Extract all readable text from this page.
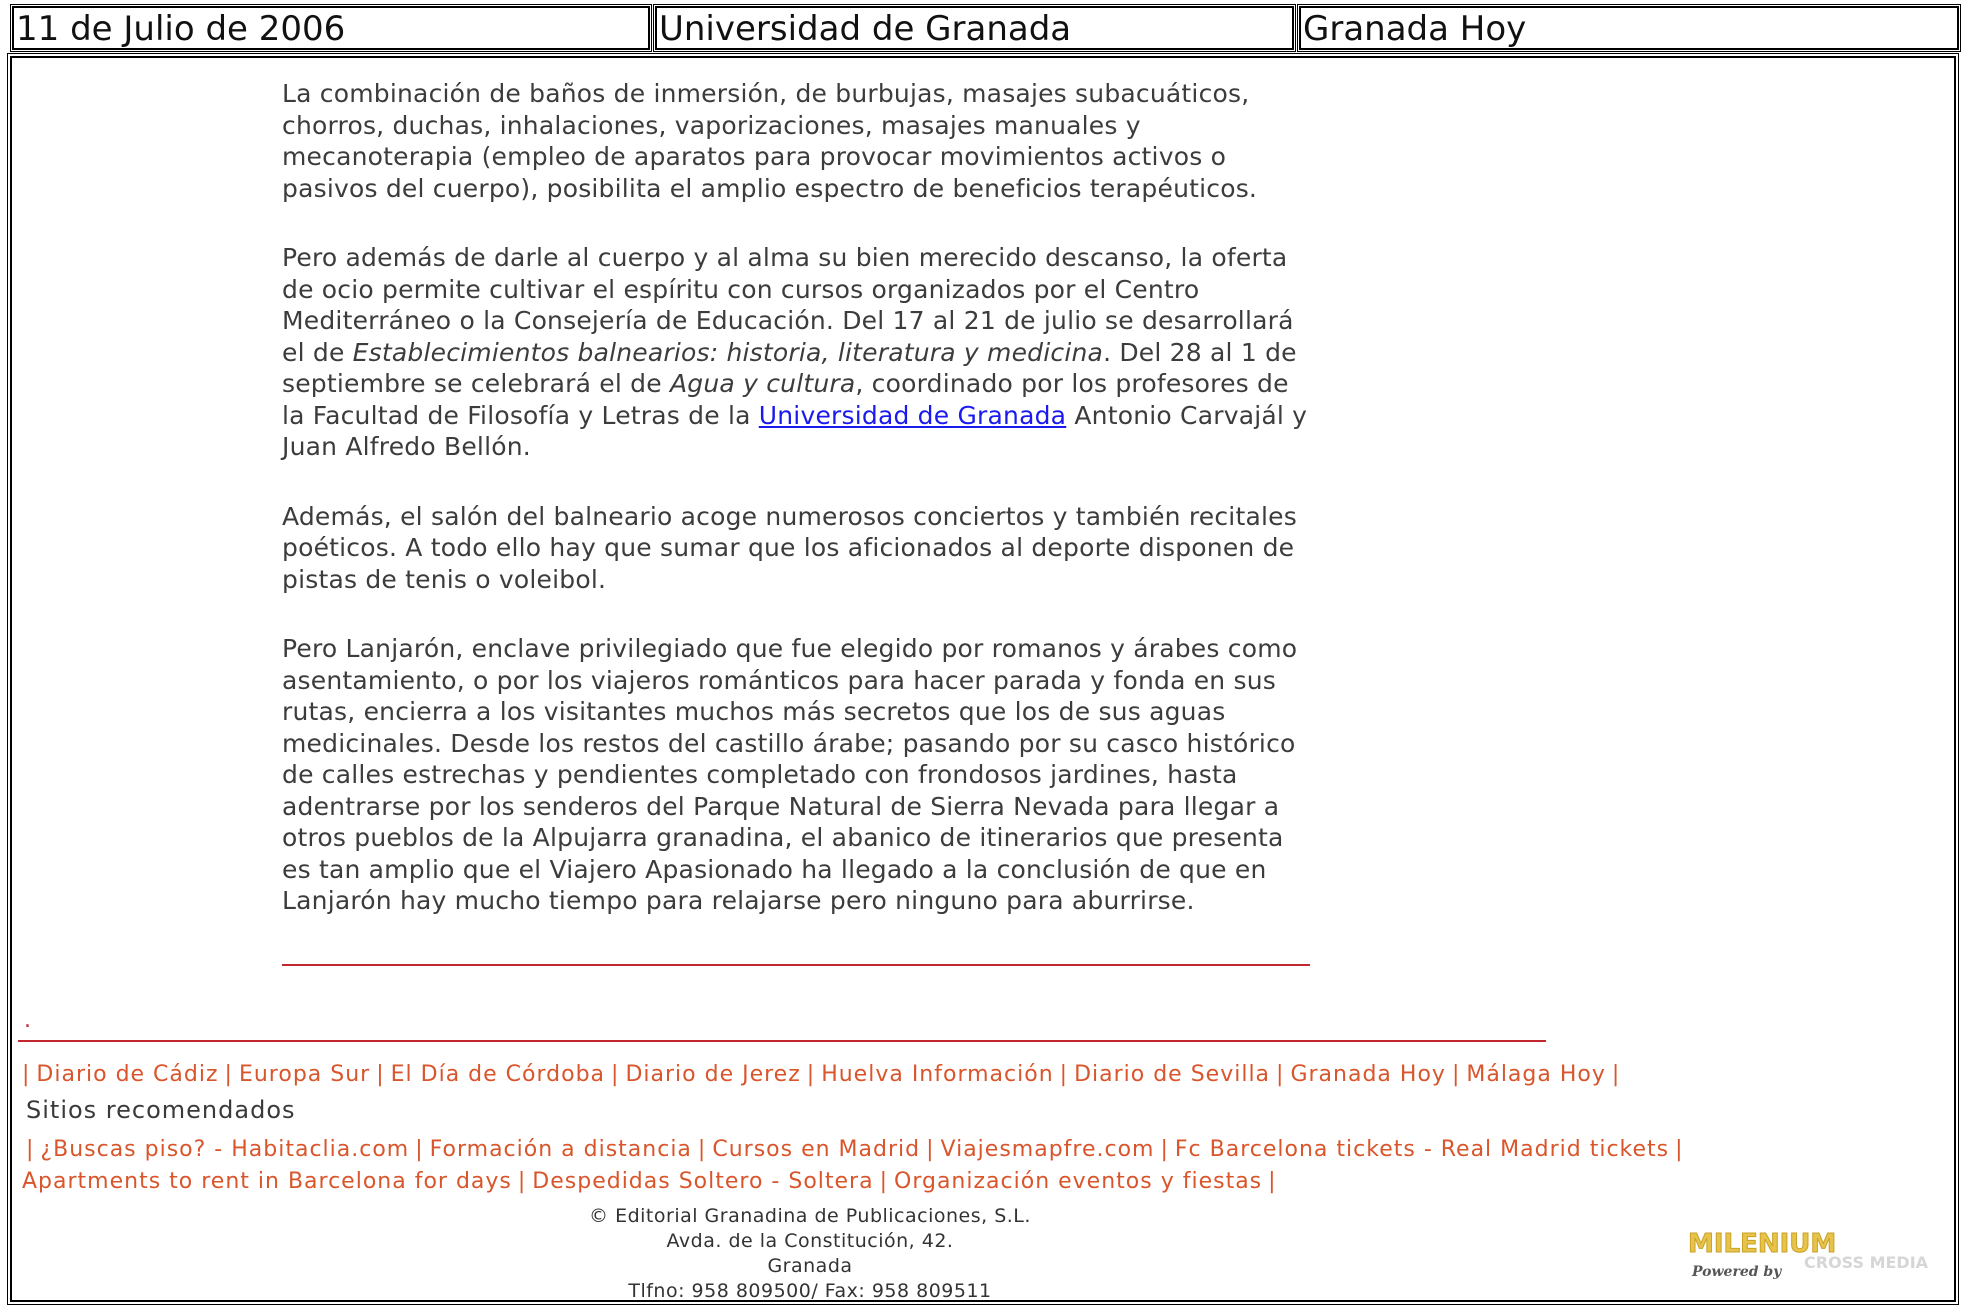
11 de Julio de 2006	Universidad de Granada	Granada Hoy

La combinación de baños de inmersión, de burbujas, masajes subacuáticos, chorros, duchas, inhalaciones, vaporizaciones, masajes manuales y mecanoterapia (empleo de aparatos para provocar movimientos activos o pasivos del cuerpo), posibilita el amplio espectro de beneficios terapéuticos.

Pero además de darle al cuerpo y al alma su bien merecido descanso, la oferta de ocio permite cultivar el espíritu con cursos organizados por el Centro Mediterráneo o la Consejería de Educación. Del 17 al 21 de julio se desarrollará el de Establecimientos balnearios: historia, literatura y medicina. Del 28 al 1 de septiembre se celebrará el de Agua y cultura, coordinado por los profesores de la Facultad de Filosofía y Letras de la Universidad de Granada Antonio Carvajál y Juan Alfredo Bellón.

Además, el salón del balneario acoge numerosos conciertos y también recitales poéticos. A todo ello hay que sumar que los aficionados al deporte disponen de pistas de tenis o voleibol.

Pero Lanjarón, enclave privilegiado que fue elegido por romanos y árabes como asentamiento, o por los viajeros románticos para hacer parada y fonda en sus rutas, encierra a los visitantes muchos más secretos que los de sus aguas medicinales. Desde los restos del castillo árabe; pasando por su casco histórico de calles estrechas y pendientes completado con frondosos jardines, hasta adentrarse por los senderos del Parque Natural de Sierra Nevada para llegar a otros pueblos de la Alpujarra granadina, el abanico de itinerarios que presenta es tan amplio que el Viajero Apasionado ha llegado a la conclusión de que en Lanjarón hay mucho tiempo para relajarse pero ninguno para aburrirse.

.
| Diario de Cádiz | Europa Sur | El Día de Córdoba | Diario de Jerez | Huelva Información | Diario de Sevilla | Granada Hoy | Málaga Hoy |
Sitios recomendados
| ¿Buscas piso? - Habitaclia.com | Formación a distancia | Cursos en Madrid | Viajesmapfre.com | Fc Barcelona tickets - Real Madrid tickets |
Apartments to rent in Barcelona for days | Despedidas Soltero - Soltera | Organización eventos y fiestas |
© Editorial Granadina de Publicaciones, S.L.
Avda. de la Constitución, 42.
Granada
Tlfno: 958 809500/ Fax: 958 809511
MILENIUM
Powered by CROSS MEDIA
